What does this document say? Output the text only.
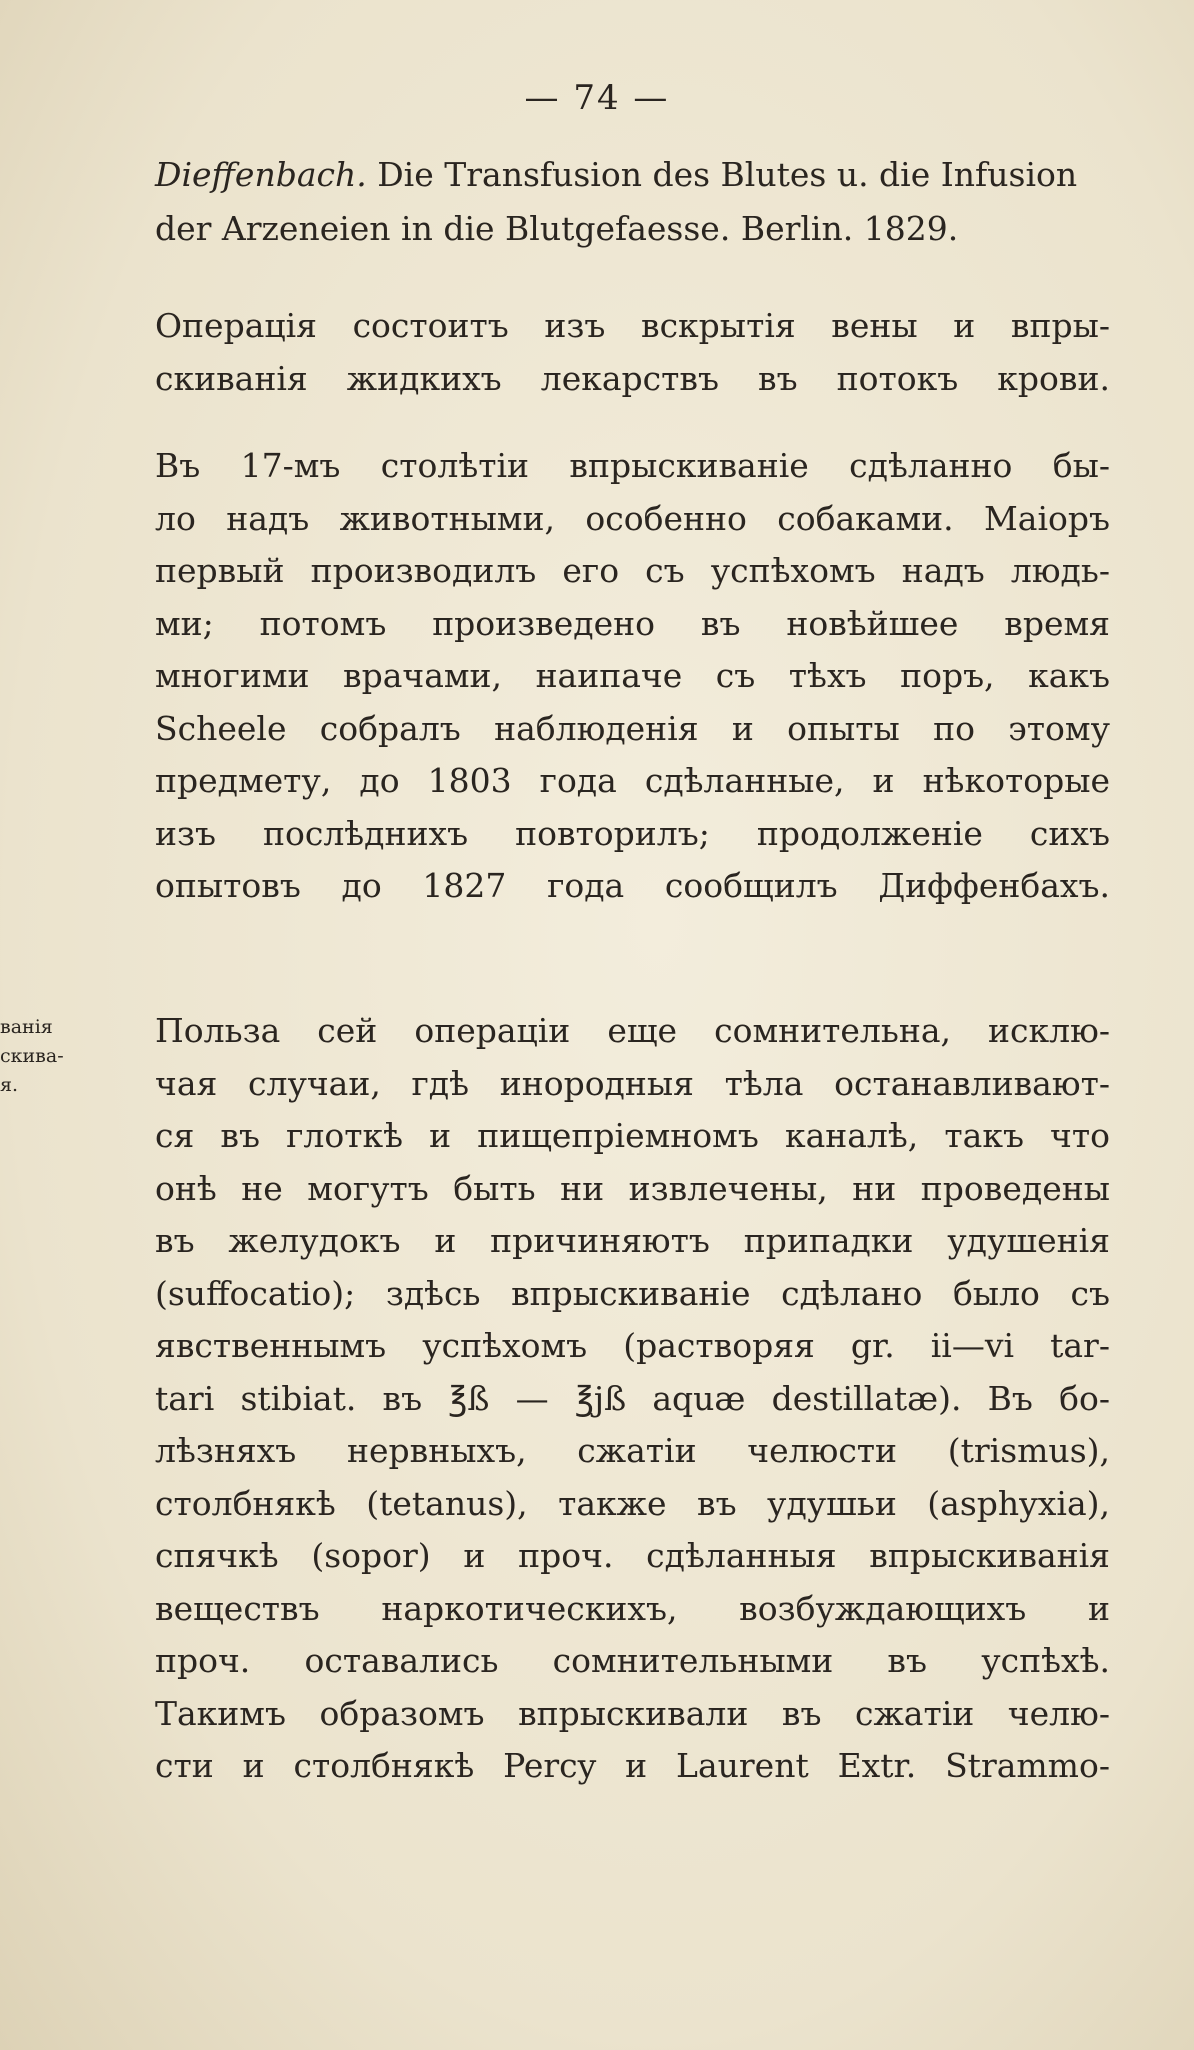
— 74 —
Dieffenbach. Die Transfusion des Blutes u. die Infusion
der Arzeneien in die Blutgefaesse. Berlin. 1829.
Операція состоитъ изъ вскрытія вены и впры-
скиванія жидкихъ лекарствъ въ потокъ крови.
Въ 17-мъ столѣтіи впрыскиваніе сдѣланно бы-
ло надъ животными, особенно собаками. Маіоръ
первый производилъ его съ успѣхомъ надъ людь-
ми; потомъ произведено въ новѣйшее время
многими врачами, наипаче съ тѣхъ поръ, какъ
Scheele собралъ наблюденія и опыты по этому
предмету, до 1803 года сдѣланные, и нѣкоторые
изъ послѣднихъ повторилъ; продолженіе сихъ
опытовъ до 1827 года сообщилъ Диффенбахъ.
ванія
скива-
я.
Польза сей операціи еще сомнительна, исклю-
чая случаи, гдѣ инородныя тѣла останавливают-
ся въ глоткѣ и пищепріемномъ каналѣ, такъ что
онѣ не могутъ быть ни извлечены, ни проведены
въ желудокъ и причиняютъ припадки удушенія
(suffocatio); здѣсь впрыскиваніе сдѣлано было съ
явственнымъ успѣхомъ (растворяя gr. ii—vi tar-
tari stibiat. въ ℥ß — ℥jß aquæ destillatæ). Въ бо-
лѣзняхъ нервныхъ, сжатіи челюсти (trismus),
столбнякѣ (tetanus), также въ удушьи (asphyxia),
спячкѣ (sopor) и проч. сдѣланныя впрыскиванія
веществъ наркотическихъ, возбуждающихъ и
проч. оставались сомнительными въ успѣхѣ.
Такимъ образомъ впрыскивали въ сжатіи челю-
сти и столбнякѣ Percy и Laurent Extr. Strammo-
